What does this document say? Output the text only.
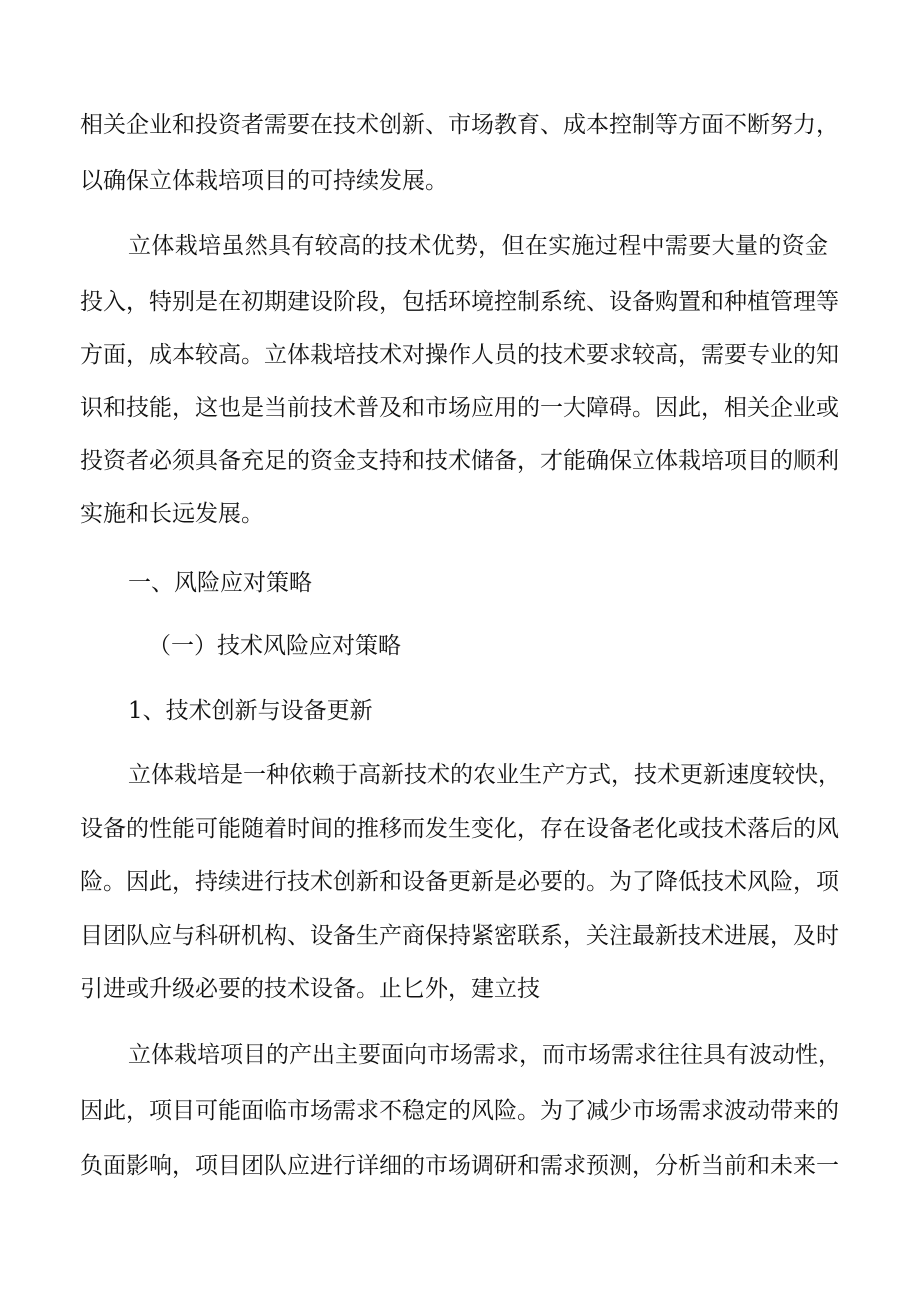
相关企业和投资者需要在技术创新、市场教育、成本控制等方面不断努力，
以确保立体栽培项目的可持续发展。
立体栽培虽然具有较高的技术优势，但在实施过程中需要大量的资金
投入，特别是在初期建设阶段，包括环境控制系统、设备购置和种植管理等
方面，成本较高。立体栽培技术对操作人员的技术要求较高，需要专业的知
识和技能，这也是当前技术普及和市场应用的一大障碍。因此，相关企业或
投资者必须具备充足的资金支持和技术储备，才能确保立体栽培项目的顺利
实施和长远发展。
一、风险应对策略
（一）技术风险应对策略
1、技术创新与设备更新
立体栽培是一种依赖于高新技术的农业生产方式，技术更新速度较快，
设备的性能可能随着时间的推移而发生变化，存在设备老化或技术落后的风
险。因此，持续进行技术创新和设备更新是必要的。为了降低技术风险，项
目团队应与科研机构、设备生产商保持紧密联系，关注最新技术进展，及时
引进或升级必要的技术设备。止匕外，建立技
立体栽培项目的产出主要面向市场需求，而市场需求往往具有波动性，
因此，项目可能面临市场需求不稳定的风险。为了减少市场需求波动带来的
负面影响，项目团队应进行详细的市场调研和需求预测，分析当前和未来一
